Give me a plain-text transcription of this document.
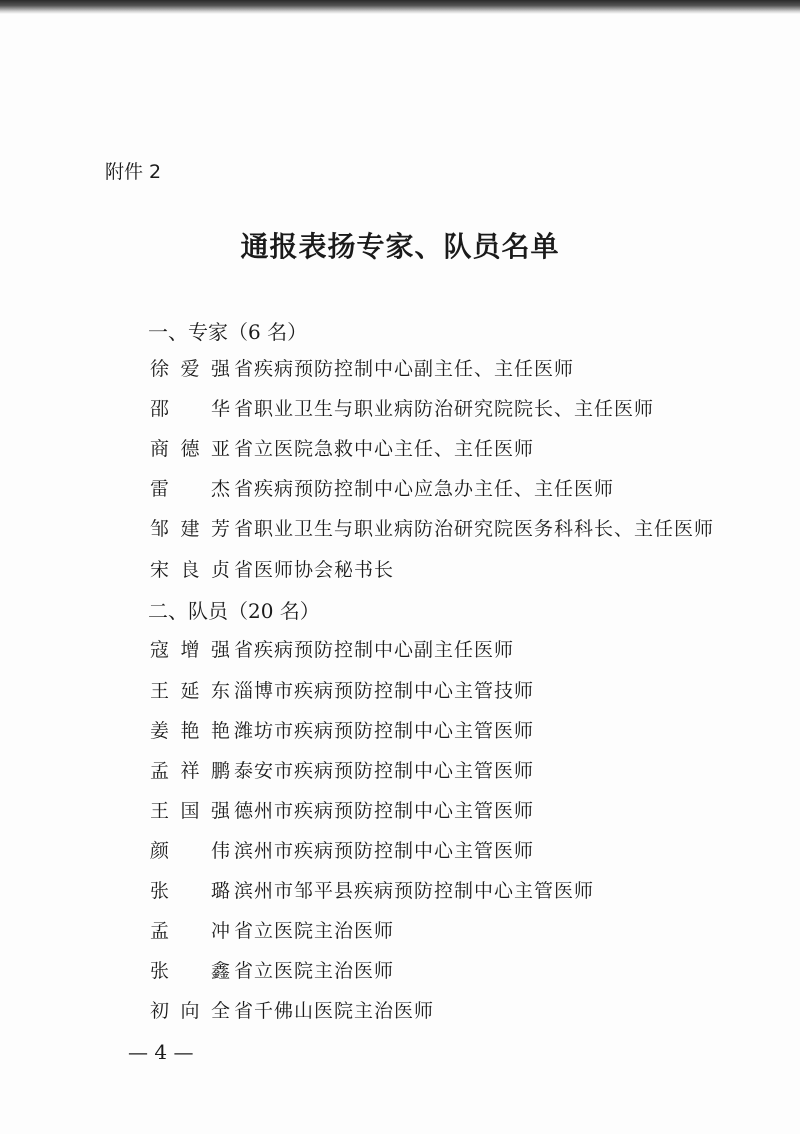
附件 2
通报表扬专家、队员名单
一、专家（6 名）
徐爱强 省疾病预防控制中心副主任、主任医师
邵　华 省职业卫生与职业病防治研究院院长、主任医师
商德亚 省立医院急救中心主任、主任医师
雷　杰 省疾病预防控制中心应急办主任、主任医师
邹建芳 省职业卫生与职业病防治研究院医务科科长、主任医师
宋良贞 省医师协会秘书长
二、队员（20 名）
寇增强 省疾病预防控制中心副主任医师
王延东 淄博市疾病预防控制中心主管技师
姜艳艳 潍坊市疾病预防控制中心主管医师
孟祥鹏 泰安市疾病预防控制中心主管医师
王国强 德州市疾病预防控制中心主管医师
颜　伟 滨州市疾病预防控制中心主管医师
张　璐 滨州市邹平县疾病预防控制中心主管医师
孟　冲 省立医院主治医师
张　鑫 省立医院主治医师
初向全 省千佛山医院主治医师
— 4 —
